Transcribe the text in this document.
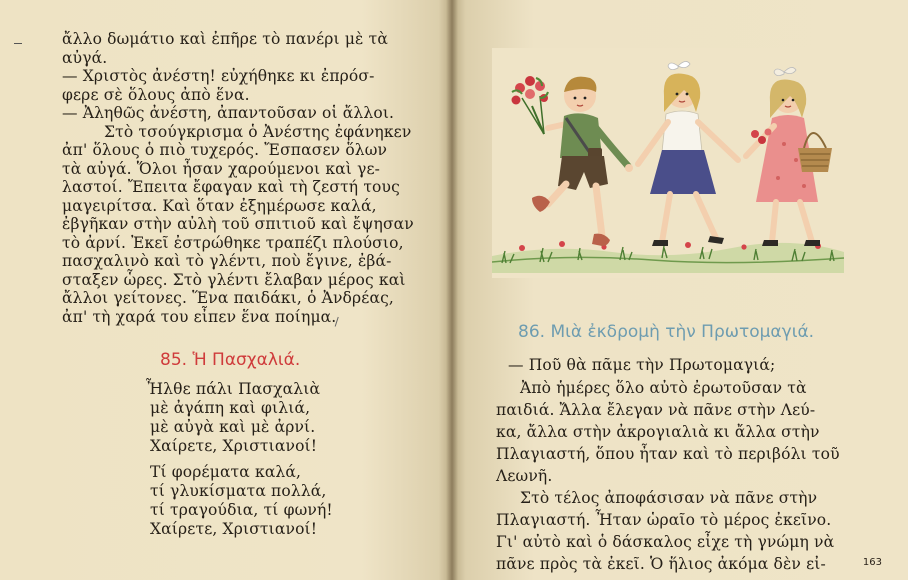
ἄλλο δωμάτιο καὶ ἐπῆρε τὸ πανέρι μὲ τὰ
αὐγά.
— Χριστὸς ἀνέστη! εὐχήθηκε κι ἐπρόσ-
φερε σὲ ὅλους ἀπὸ ἕνα.
— Ἀληθῶς ἀνέστη, ἀπαντοῦσαν οἱ ἄλλοι.
Στὸ τσούγκρισμα ὁ Ἀνέστης ἐφάνηκεν
ἀπ' ὅλους ὁ πιὸ τυχερός. Ἔσπασεν ὅλων
τὰ αὐγά. Ὅλοι ἦσαν χαρούμενοι καὶ γε-
λαστοί. Ἔπειτα ἔφαγαν καὶ τὴ ζεστή τους
μαγειρίτσα. Καὶ ὅταν ἐξημέρωσε καλά,
ἐβγῆκαν στὴν αὐλὴ τοῦ σπιτιοῦ καὶ ἔψησαν
τὸ ἀρνί. Ἐκεῖ ἐστρώθηκε τραπέζι πλούσιο,
πασχαλινὸ καὶ τὸ γλέντι, ποὺ ἔγινε, ἐβά-
σταξεν ὧρες. Στὸ γλέντι ἔλαβαν μέρος καὶ
ἄλλοι γείτονες. Ἕνα παιδάκι, ὁ Ἀνδρέας,
ἀπ' τὴ χαρά του εἶπεν ἕνα ποίημα.
85. Ἡ Πασχαλιά.
Ἦλθε πάλι Πασχαλιὰ
μὲ ἀγάπη καὶ φιλιά,
μὲ αὐγὰ καὶ μὲ ἀρνί.
Χαίρετε, Χριστιανοί!
Τί φορέματα καλά,
τί γλυκίσματα πολλά,
τί τραγούδια, τί φωνή!
Χαίρετε, Χριστιανοί!
86. Μιὰ ἐκδρομὴ τὴν Πρωτομαγιά.
— Ποῦ θὰ πᾶμε τὴν Πρωτομαγιά;
Ἀπὸ ἡμέρες ὅλο αὐτὸ ἐρωτοῦσαν τὰ
παιδιά. Ἄλλα ἔλεγαν νὰ πᾶνε στὴν Λεύ-
κα, ἄλλα στὴν ἀκρογιαλιὰ κι ἄλλα στὴν
Πλαγιαστή, ὅπου ἦταν καὶ τὸ περιβόλι τοῦ
Λεωνῆ.
Στὸ τέλος ἀποφάσισαν νὰ πᾶνε στὴν
Πλαγιαστή. Ἦταν ὡραῖο τὸ μέρος ἐκεῖνο.
Γι' αὐτὸ καὶ ὁ δάσκαλος εἶχε τὴ γνώμη νὰ
πᾶνε πρὸς τὰ ἐκεῖ. Ὁ ἥλιος ἀκόμα δὲν εἰ-	163
